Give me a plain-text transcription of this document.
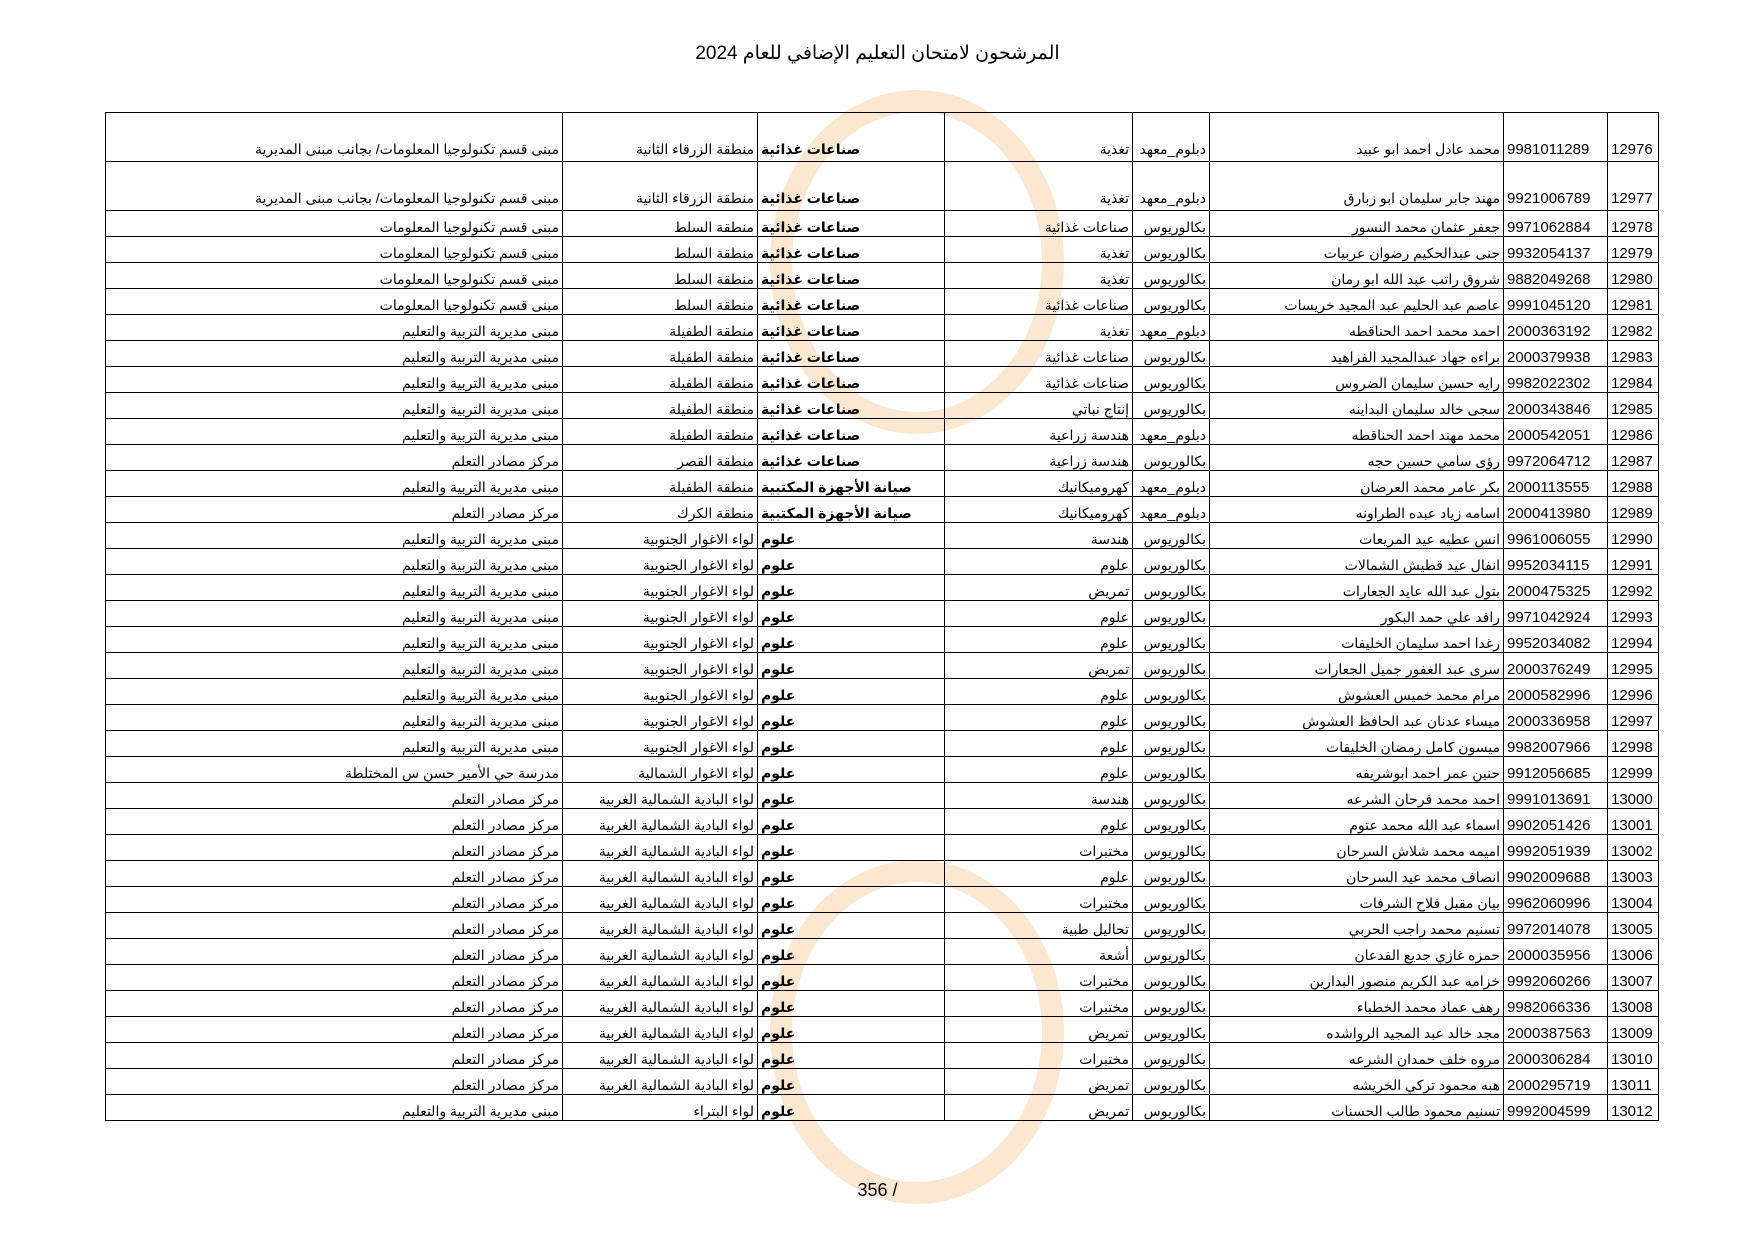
المرشحون لامتحان التعليم الإضافي للعام 2024
12976	9981011289	محمد عادل احمد ابو عبيد	دبلوم_معهد	تغذية	صناعات غذائية	منطقة الزرقاء الثانية	مبنى قسم تكنولوجيا المعلومات/ بجانب مبنى المديرية
12977	9921006789	مهند جابر سليمان ابو زبارق	دبلوم_معهد	تغذية	صناعات غذائية	منطقة الزرقاء الثانية	مبنى قسم تكنولوجيا المعلومات/ بجانب مبنى المديرية
12978	9971062884	جعفر عثمان محمد النسور	بكالوريوس	صناعات غذائية	صناعات غذائية	منطقة السلط	مبنى قسم تكنولوجيا المعلومات
12979	9932054137	جنى عبدالحكيم رضوان عربيات	بكالوريوس	تغذية	صناعات غذائية	منطقة السلط	مبنى قسم تكنولوجيا المعلومات
12980	9882049268	شروق راتب عبد الله ابو رمان	بكالوريوس	تغذية	صناعات غذائية	منطقة السلط	مبنى قسم تكنولوجيا المعلومات
12981	9991045120	عاصم عبد الحليم عبد المجيد خريسات	بكالوريوس	صناعات غذائية	صناعات غذائية	منطقة السلط	مبنى قسم تكنولوجيا المعلومات
12982	2000363192	احمد محمد احمد الحناقطه	دبلوم_معهد	تغذية	صناعات غذائية	منطقة الطفيلة	مبنى مديرية التربية والتعليم
12983	2000379938	براءه جهاد عبدالمجيد الفراهيد	بكالوريوس	صناعات غذائية	صناعات غذائية	منطقة الطفيلة	مبنى مديرية التربية والتعليم
12984	9982022302	رايه حسين سليمان الضروس	بكالوريوس	صناعات غذائية	صناعات غذائية	منطقة الطفيلة	مبنى مديرية التربية والتعليم
12985	2000343846	سجى خالد سليمان البداينه	بكالوريوس	إنتاج نباتي	صناعات غذائية	منطقة الطفيلة	مبنى مديرية التربية والتعليم
12986	2000542051	محمد مهند احمد الحناقطه	دبلوم_معهد	هندسة زراعية	صناعات غذائية	منطقة الطفيلة	مبنى مديرية التربية والتعليم
12987	9972064712	رؤى سامي حسين حجه	بكالوريوس	هندسة زراعية	صناعات غذائية	منطقة القصر	مركز مصادر التعلم
12988	2000113555	بكر عامر محمد العرضان	دبلوم_معهد	كهروميكانيك	صيانة الأجهزة المكتبية	منطقة الطفيلة	مبنى مديرية التربية والتعليم
12989	2000413980	اسامه زياد عبده الطراونه	دبلوم_معهد	كهروميكانيك	صيانة الأجهزة المكتبية	منطقة الكرك	مركز مصادر التعلم
12990	9961006055	انس عطيه عيد المريعات	بكالوريوس	هندسة	علوم	لواء الاغوار الجنوبية	مبنى مديرية التربية والتعليم
12991	9952034115	انفال عيد قطيش الشمالات	بكالوريوس	علوم	علوم	لواء الاغوار الجنوبية	مبنى مديرية التربية والتعليم
12992	2000475325	بتول عبد الله عايد الجعارات	بكالوريوس	تمريض	علوم	لواء الاغوار الجنوبية	مبنى مديرية التربية والتعليم
12993	9971042924	رافد علي حمد البكور	بكالوريوس	علوم	علوم	لواء الاغوار الجنوبية	مبنى مديرية التربية والتعليم
12994	9952034082	رغدا احمد سليمان الخليفات	بكالوريوس	علوم	علوم	لواء الاغوار الجنوبية	مبنى مديرية التربية والتعليم
12995	2000376249	سرى عبد الغفور جميل الجعارات	بكالوريوس	تمريض	علوم	لواء الاغوار الجنوبية	مبنى مديرية التربية والتعليم
12996	2000582996	مرام محمد خميس العشوش	بكالوريوس	علوم	علوم	لواء الاغوار الجنوبية	مبنى مديرية التربية والتعليم
12997	2000336958	ميساء عدنان عبد الحافظ العشوش	بكالوريوس	علوم	علوم	لواء الاغوار الجنوبية	مبنى مديرية التربية والتعليم
12998	9982007966	ميسون كامل رمضان الخليفات	بكالوريوس	علوم	علوم	لواء الاغوار الجنوبية	مبنى مديرية التربية والتعليم
12999	9912056685	حنين عمر احمد ابوشريفه	بكالوريوس	علوم	علوم	لواء الاغوار الشمالية	مدرسة حي الأمير حسن س المختلطة
13000	9991013691	احمد محمد فرحان الشرعه	بكالوريوس	هندسة	علوم	لواء البادية الشمالية الغربية	مركز مصادر التعلم
13001	9902051426	اسماء عبد الله محمد عتوم	بكالوريوس	علوم	علوم	لواء البادية الشمالية الغربية	مركز مصادر التعلم
13002	9992051939	اميمه محمد شلاش السرحان	بكالوريوس	مختبرات	علوم	لواء البادية الشمالية الغربية	مركز مصادر التعلم
13003	9902009688	انصاف محمد عيد السرحان	بكالوريوس	علوم	علوم	لواء البادية الشمالية الغربية	مركز مصادر التعلم
13004	9962060996	بيان مقبل فلاح الشرفات	بكالوريوس	مختبرات	علوم	لواء البادية الشمالية الغربية	مركز مصادر التعلم
13005	9972014078	تسنيم محمد راجب الحربي	بكالوريوس	تحاليل طبية	علوم	لواء البادية الشمالية الغربية	مركز مصادر التعلم
13006	2000035956	حمزه غازي جديع الفدعان	بكالوريوس	أشعة	علوم	لواء البادية الشمالية الغربية	مركز مصادر التعلم
13007	9992060266	خزامه عبد الكريم منصور البدارين	بكالوريوس	مختبرات	علوم	لواء البادية الشمالية الغربية	مركز مصادر التعلم
13008	9982066336	رهف عماد محمد الخطباء	بكالوريوس	مختبرات	علوم	لواء البادية الشمالية الغربية	مركز مصادر التعلم
13009	2000387563	مجد خالد عبد المجيد الرواشده	بكالوريوس	تمريض	علوم	لواء البادية الشمالية الغربية	مركز مصادر التعلم
13010	2000306284	مروه خلف حمدان الشرعه	بكالوريوس	مختبرات	علوم	لواء البادية الشمالية الغربية	مركز مصادر التعلم
13011	2000295719	هبه محمود تركي الخريشه	بكالوريوس	تمريض	علوم	لواء البادية الشمالية الغربية	مركز مصادر التعلم
13012	9992004599	تسنيم محمود طالب الحسنات	بكالوريوس	تمريض	علوم	لواء البتراء	مبنى مديرية التربية والتعليم
356 /
